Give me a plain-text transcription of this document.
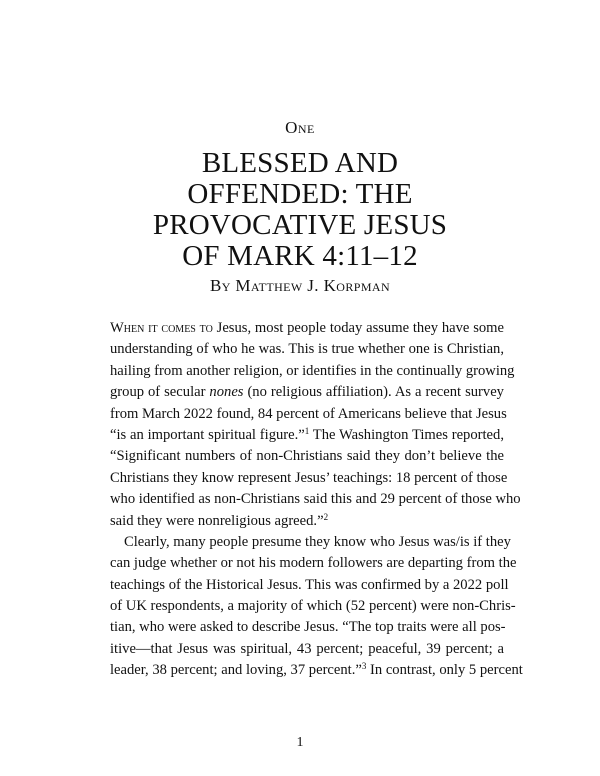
One
BLESSED AND
OFFENDED: THE
PROVOCATIVE JESUS
OF MARK 4:11–12
By Matthew J. Korpman
When it comes to Jesus, most people today assume they have some
understanding of who he was. This is true whether one is Christian,
hailing from another religion, or identifies in the continually growing
group of secular nones (no religious affiliation). As a recent survey
from March 2022 found, 84 percent of Americans believe that Jesus
“is an important spiritual figure.”$^1$ The Washington Times reported,
“Significant numbers of non-Christians said they don’t believe the
Christians they know represent Jesus’ teachings: 18 percent of those
who identified as non-Christians said this and 29 percent of those who
said they were nonreligious agreed.”$^2$
Clearly, many people presume they know who Jesus was/is if they
can judge whether or not his modern followers are departing from the
teachings of the Historical Jesus. This was confirmed by a 2022 poll
of UK respondents, a majority of which (52 percent) were non-Chris-
tian, who were asked to describe Jesus. “The top traits were all pos-
itive—that Jesus was spiritual, 43 percent; peaceful, 39 percent; a
leader, 38 percent; and loving, 37 percent.”$^3$ In contrast, only 5 percent
1
